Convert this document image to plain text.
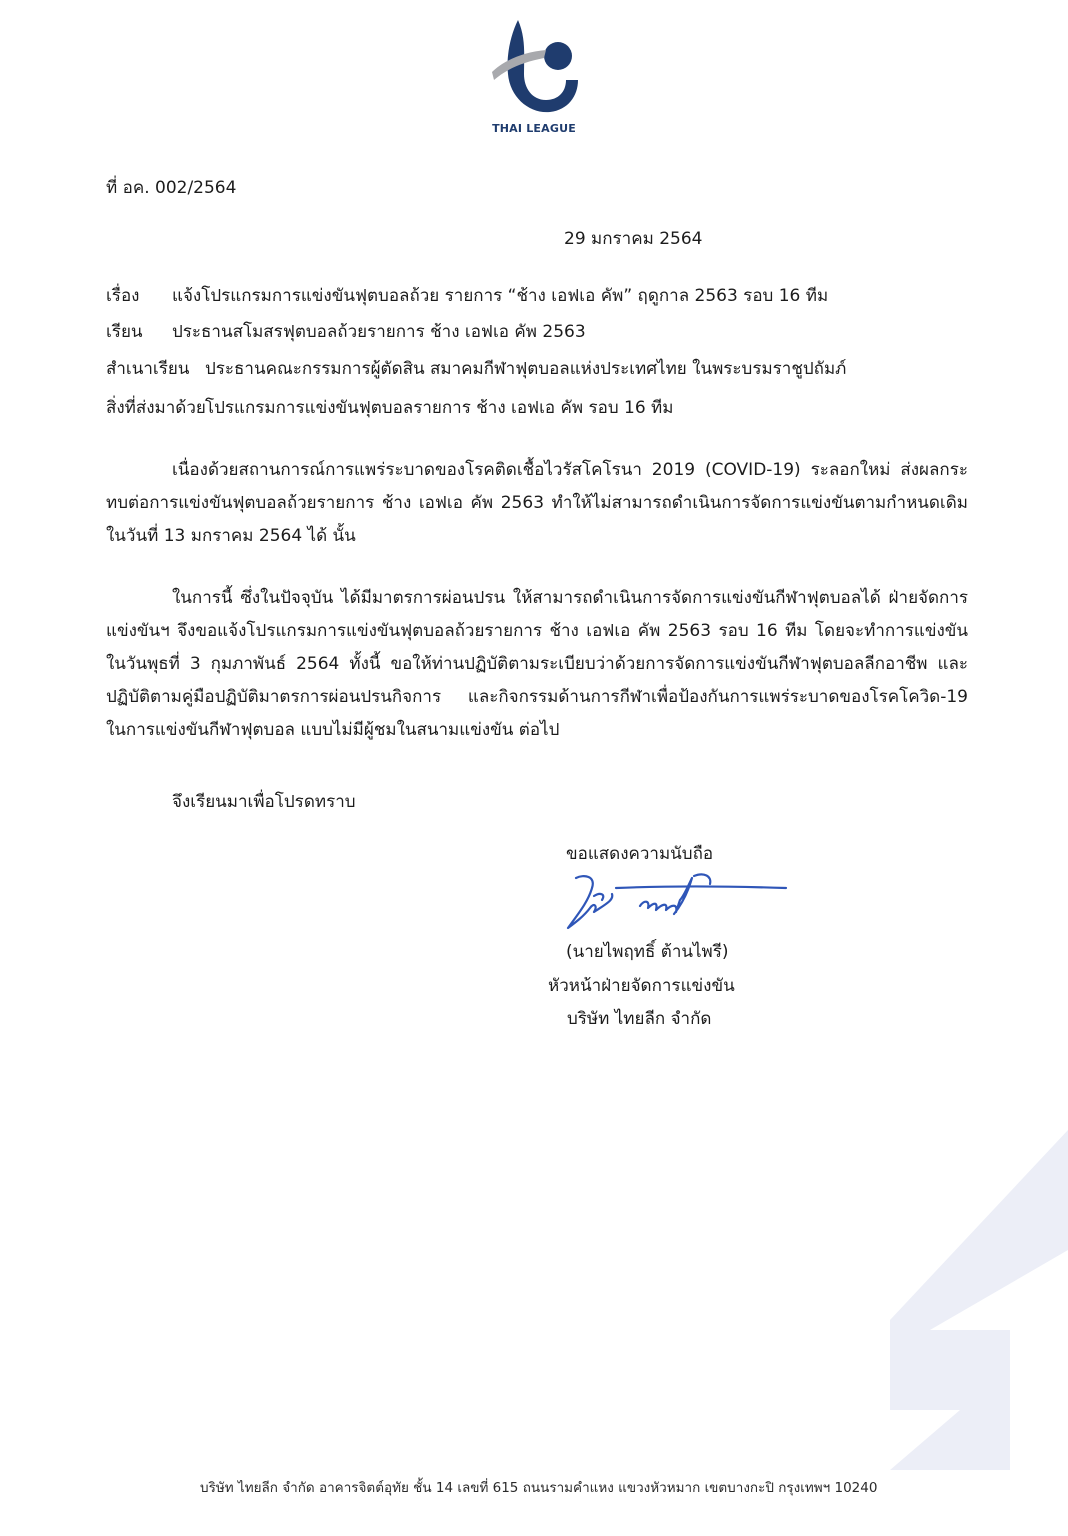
THAI LEAGUE
ที่ อค. 002/2564
29 มกราคม 2564
เรื่อง แจ้งโปรแกรมการแข่งขันฟุตบอลถ้วย รายการ “ช้าง เอฟเอ คัพ” ฤดูกาล 2563 รอบ 16 ทีม
เรียน ประธานสโมสรฟุตบอลถ้วยรายการ ช้าง เอฟเอ คัพ 2563
สำเนาเรียน ประธานคณะกรรมการผู้ตัดสิน สมาคมกีฬาฟุตบอลแห่งประเทศไทย ในพระบรมราชูปถัมภ์
สิ่งที่ส่งมาด้วยโปรแกรมการแข่งขันฟุตบอลรายการ ช้าง เอฟเอ คัพ รอบ 16 ทีม

เนื่องด้วยสถานการณ์การแพร่ระบาดของโรคติดเชื้อไวรัสโคโรนา 2019 (COVID-19) ระลอกใหม่ ส่งผลกระทบต่อการแข่งขันฟุตบอลถ้วยรายการ ช้าง เอฟเอ คัพ 2563 ทำให้ไม่สามารถดำเนินการจัดการแข่งขันตามกำหนดเดิมในวันที่ 13 มกราคม 2564 ได้ นั้น

ในการนี้ ซึ่งในปัจจุบัน ได้มีมาตรการผ่อนปรน ให้สามารถดำเนินการจัดการแข่งขันกีฬาฟุตบอลได้ ฝ่ายจัดการแข่งขันฯ จึงขอแจ้งโปรแกรมการแข่งขันฟุตบอลถ้วยรายการ ช้าง เอฟเอ คัพ 2563 รอบ 16 ทีม โดยจะทำการแข่งขันในวันพุธที่ 3 กุมภาพันธ์ 2564 ทั้งนี้ ขอให้ท่านปฏิบัติตามระเบียบว่าด้วยการจัดการแข่งขันกีฬาฟุตบอลลีกอาชีพ และปฏิบัติตามคู่มือปฏิบัติมาตรการผ่อนปรนกิจการ และกิจกรรมด้านการกีฬาเพื่อป้องกันการแพร่ระบาดของโรคโควิด-19 ในการแข่งขันกีฬาฟุตบอล แบบไม่มีผู้ชมในสนามแข่งขัน ต่อไป

จึงเรียนมาเพื่อโปรดทราบ
ขอแสดงความนับถือ
(นายไพฤทธิ์ ต้านไพรี)
หัวหน้าฝ่ายจัดการแข่งขัน
บริษัท ไทยลีก จำกัด
บริษัท ไทยลีก จำกัด อาคารจิตต์อุทัย ชั้น 14 เลขที่ 615 ถนนรามคำแหง แขวงหัวหมาก เขตบางกะปิ กรุงเทพฯ 10240
